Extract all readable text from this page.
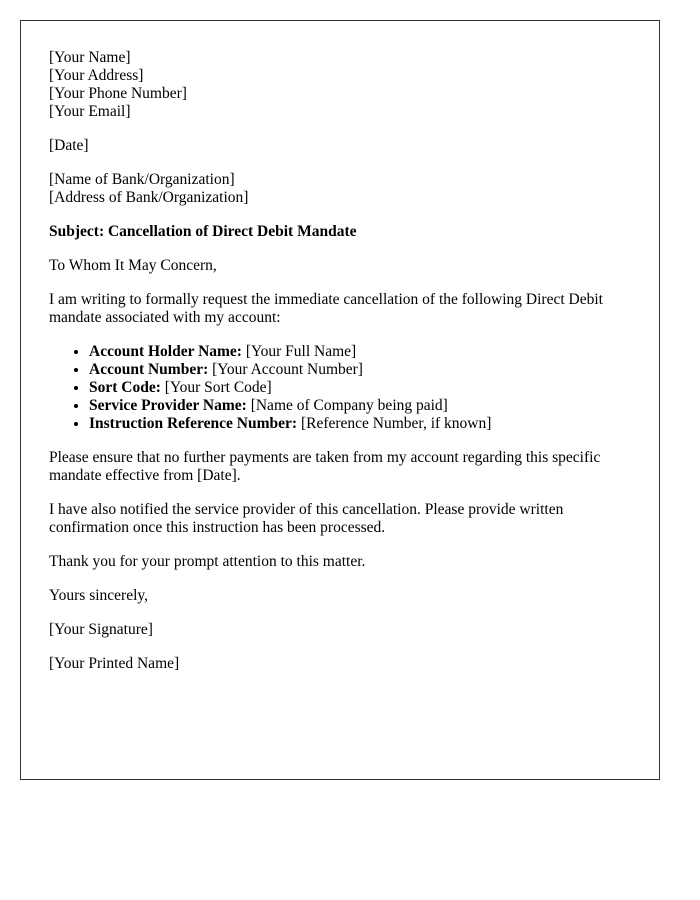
[Your Name]
[Your Address]
[Your Phone Number]
[Your Email]
[Date]
[Name of Bank/Organization]
[Address of Bank/Organization]
Subject: Cancellation of Direct Debit Mandate
To Whom It May Concern,
I am writing to formally request the immediate cancellation of the following Direct Debit mandate associated with my account:
• Account Holder Name: [Your Full Name]
• Account Number: [Your Account Number]
• Sort Code: [Your Sort Code]
• Service Provider Name: [Name of Company being paid]
• Instruction Reference Number: [Reference Number, if known]
Please ensure that no further payments are taken from my account regarding this specific mandate effective from [Date].
I have also notified the service provider of this cancellation. Please provide written confirmation once this instruction has been processed.
Thank you for your prompt attention to this matter.
Yours sincerely,
[Your Signature]
[Your Printed Name]
